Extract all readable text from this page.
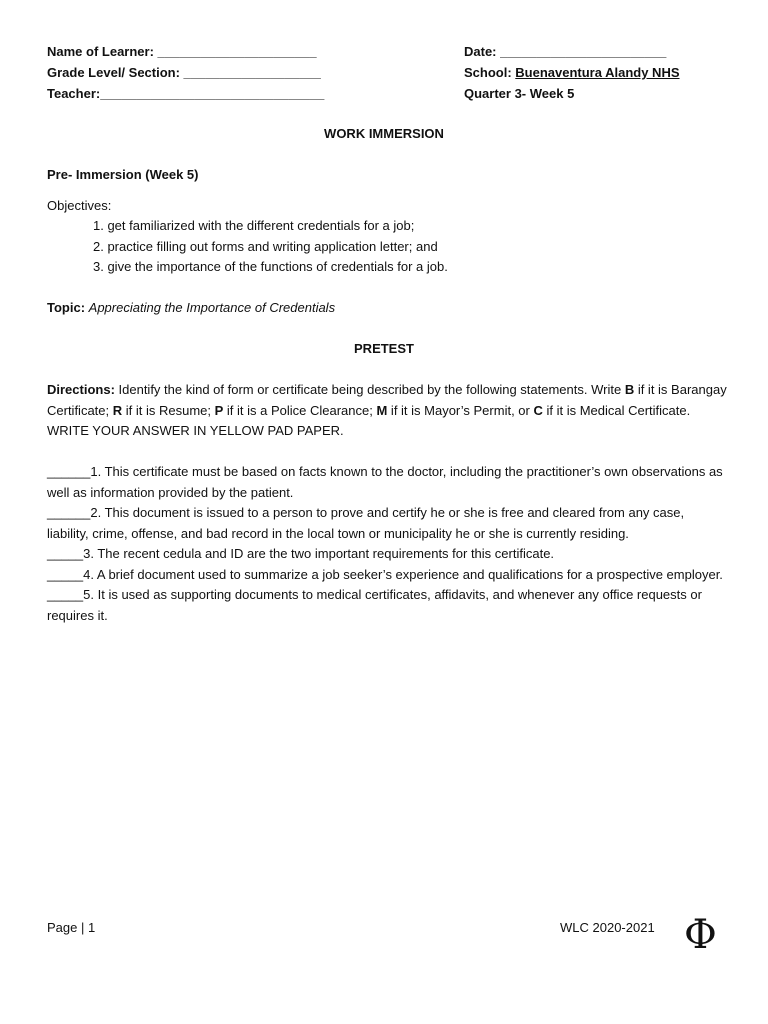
Name of Learner: ______________________
Grade Level/ Section: ___________________
Teacher:_______________________________
Date: _______________________
School: Buenaventura Alandy NHS
Quarter 3- Week 5
WORK IMMERSION
Pre- Immersion (Week 5)
Objectives:
1. get familiarized with the different credentials for a job;
2. practice filling out forms and writing application letter; and
3. give the importance of the functions of credentials for a job.
Topic: Appreciating the Importance of Credentials
PRETEST
Directions: Identify the kind of form or certificate being described by the following statements. Write B if it is Barangay Certificate; R if it is Resume; P if it is a Police Clearance; M if it is Mayor’s Permit, or C if it is Medical Certificate. WRITE YOUR ANSWER IN YELLOW PAD PAPER.

______1. This certificate must be based on facts known to the doctor, including the practitioner’s own observations as well as information provided by the patient.

______2. This document is issued to a person to prove and certify he or she is free and cleared from any case, liability, crime, offense, and bad record in the local town or municipality he or she is currently residing.

_____3. The recent cedula and ID are the two important requirements for this certificate.

_____4. A brief document used to summarize a job seeker’s experience and qualifications for a prospective employer.

_____5. It is used as supporting documents to medical certificates, affidavits, and whenever any office requests or requires it.

Page | 1	WLC 2020-2021 Φ
